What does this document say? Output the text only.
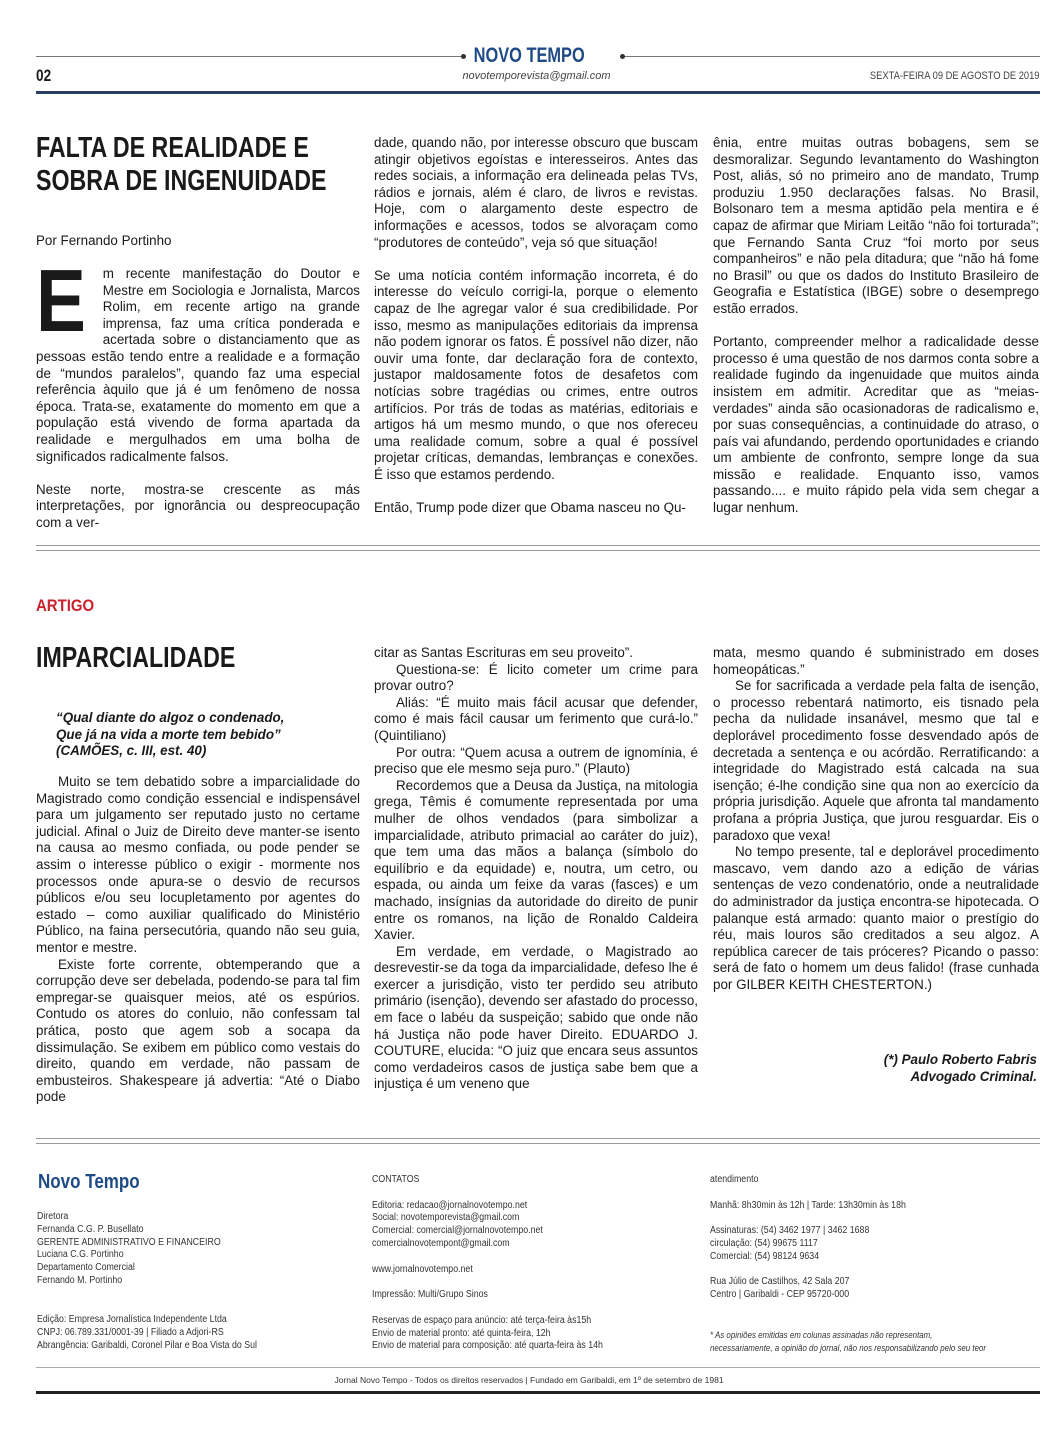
NOVO TEMPO
02	novotemporevista@gmail.com	SEXTA-FEIRA 09 DE AGOSTO DE 2019
FALTA DE REALIDADE E
SOBRA DE INGENUIDADE
Por Fernando Portinho

E m recente manifestação do Doutor e Mestre em Sociologia e Jornalista, Marcos Rolim, em recente artigo na grande imprensa, faz uma crítica ponderada e acertada sobre o distanciamento que as pessoas estão tendo entre a realidade e a formação de “mundos paralelos”, quando faz uma especial referência àquilo que já é um fenômeno de nossa época. Trata-se, exatamente do momento em que a população está vivendo de forma apartada da realidade e mergulhados em uma bolha de significados radicalmente falsos.

Neste norte, mostra-se crescente as más interpretações, por ignorância ou despreocupação com a ver-

dade, quando não, por interesse obscuro que buscam atingir objetivos egoístas e interesseiros. Antes das redes sociais, a informação era delineada pelas TVs, rádios e jornais, além é claro, de livros e revistas. Hoje, com o alargamento deste espectro de informações e acessos, todos se alvoraçam como “produtores de conteúdo”, veja só que situação!

Se uma notícia contém informação incorreta, é do interesse do veículo corrigi-la, porque o elemento capaz de lhe agregar valor é sua credibilidade. Por isso, mesmo as manipulações editoriais da imprensa não podem ignorar os fatos. É possível não dizer, não ouvir uma fonte, dar declaração fora de contexto, justapor maldosamente fotos de desafetos com notícias sobre tragédias ou crimes, entre outros artifícios. Por trás de todas as matérias, editoriais e artigos há um mesmo mundo, o que nos ofereceu uma realidade comum, sobre a qual é possível projetar críticas, demandas, lembranças e conexões. É isso que estamos perdendo.

Então, Trump pode dizer que Obama nasceu no Qu-

ênia, entre muitas outras bobagens, sem se desmoralizar. Segundo levantamento do Washington Post, aliás, só no primeiro ano de mandato, Trump produziu 1.950 declarações falsas. No Brasil, Bolsonaro tem a mesma aptidão pela mentira e é capaz de afirmar que Miriam Leitão “não foi torturada”; que Fernando Santa Cruz “foi morto por seus companheiros” e não pela ditadura; que “não há fome no Brasil” ou que os dados do Instituto Brasileiro de Geografia e Estatística (IBGE) sobre o desemprego estão errados.

Portanto, compreender melhor a radicalidade desse processo é uma questão de nos darmos conta sobre a realidade fugindo da ingenuidade que muitos ainda insistem em admitir. Acreditar que as “meias-verdades” ainda são ocasionadoras de radicalismo e, por suas consequências, a continuidade do atraso, o país vai afundando, perdendo oportunidades e criando um ambiente de confronto, sempre longe da sua missão e realidade. Enquanto isso, vamos passando.... e muito rápido pela vida sem chegar a lugar nenhum.

ARTIGO
IMPARCIALIDADE
“Qual diante do algoz o condenado,
Que já na vida a morte tem bebido”
(CAMÕES, c. III, est. 40)

Muito se tem debatido sobre a imparcialidade do Magistrado como condição essencial e indispensável para um julgamento ser reputado justo no certame judicial. Afinal o Juiz de Direito deve manter-se isento na causa ao mesmo confiada, ou pode pender se assim o interesse público o exigir - mormente nos processos onde apura-se o desvio de recursos públicos e/ou seu locupletamento por agentes do estado – como auxiliar qualificado do Ministério Público, na faina persecutória, quando não seu guia, mentor e mestre.

Existe forte corrente, obtemperando que a corrupção deve ser debelada, podendo-se para tal fim empregar-se quaisquer meios, até os espúrios. Contudo os atores do conluio, não confessam tal prática, posto que agem sob a socapa da dissimulação. Se exibem em público como vestais do direito, quando em verdade, não passam de embusteiros. Shakespeare já advertia: “Até o Diabo pode

citar as Santas Escrituras em seu proveito”.

Questiona-se: É licito cometer um crime para provar outro?

Aliás: “É muito mais fácil acusar que defender, como é mais fácil causar um ferimento que curá-lo.” (Quintiliano)

Por outra: “Quem acusa a outrem de ignomínia, é preciso que ele mesmo seja puro.” (Plauto)

Recordemos que a Deusa da Justiça, na mitologia grega, Têmis é comumente representada por uma mulher de olhos vendados (para simbolizar a imparcialidade, atributo primacial ao caráter do juiz), que tem uma das mãos a balança (símbolo do equilíbrio e da equidade) e, noutra, um cetro, ou espada, ou ainda um feixe da varas (fasces) e um machado, insígnias da autoridade do direito de punir entre os romanos, na lição de Ronaldo Caldeira Xavier.

Em verdade, em verdade, o Magistrado ao desrevestir-se da toga da imparcialidade, defeso lhe é exercer a jurisdição, visto ter perdido seu atributo primário (isenção), devendo ser afastado do processo, em face o labéu da suspeição; sabido que onde não há Justiça não pode haver Direito. EDUARDO J. COUTURE, elucida: “O juiz que encara seus assuntos como verdadeiros casos de justiça sabe bem que a injustiça é um veneno que

mata, mesmo quando é subministrado em doses homeopáticas.”

Se for sacrificada a verdade pela falta de isenção, o processo rebentará natimorto, eis tisnado pela pecha da nulidade insanável, mesmo que tal e deplorável procedimento fosse desvendado após de decretada a sentença e ou acórdão. Rerratificando: a integridade do Magistrado está calcada na sua isenção; é-lhe condição sine qua non ao exercício da própria jurisdição. Aquele que afronta tal mandamento profana a própria Justiça, que jurou resguardar. Eis o paradoxo que vexa!

No tempo presente, tal e deplorável procedimento mascavo, vem dando azo a edição de várias sentenças de vezo condenatório, onde a neutralidade do administrador da justiça encontra-se hipotecada. O palanque está armado: quanto maior o prestígio do réu, mais louros são creditados a seu algoz. A república carecer de tais próceres? Picando o passo: será de fato o homem um deus falido! (frase cunhada por GILBER KEITH CHESTERTON.)

(*) Paulo Roberto Fabris
Advogado Criminal.
Novo Tempo
Diretora
Fernanda C.G. P. Busellato
GERENTE ADMINISTRATIVO E FINANCEIRO
Luciana C.G. Portinho
Departamento Comercial
Fernando M. Portinho
Edição: Empresa Jornalística Independente Ltda
CNPJ: 06.789.331/0001-39 | Filiado a Adjori-RS
Abrangência: Garibaldi, Coronel Pilar e Boa Vista do Sul
CONTATOS
Editoria: redacao@jornalnovotempo.net
Social: novotemporevista@gmail.com
Comercial: comercial@jornalnovotempo.net
comercialnovotempont@gmail.com
www.jornalnovotempo.net
Impressão: Multi/Grupo Sinos
Reservas de espaço para anúncio: até terça-feira às15h
Envio de material pronto: até quinta-feira, 12h
Envio de material para composição: até quarta-feira às 14h
atendimento
Manhã: 8h30min às 12h | Tarde: 13h30min às 18h
Assinaturas: (54) 3462 1977 | 3462 1688
circulação: (54) 99675 1117
Comercial: (54) 98124 9634
Rua Júlio de Castilhos, 42 Sala 207
Centro | Garibaldi - CEP 95720-000
* As opiniões emitidas em colunas assinadas não representam,
necessariamente, a opinião do jornal, não nos responsabilizando pelo seu teor
Jornal Novo Tempo - Todos os direitos reservados | Fundado em Garibaldi, em 1º de setembro de 1981
